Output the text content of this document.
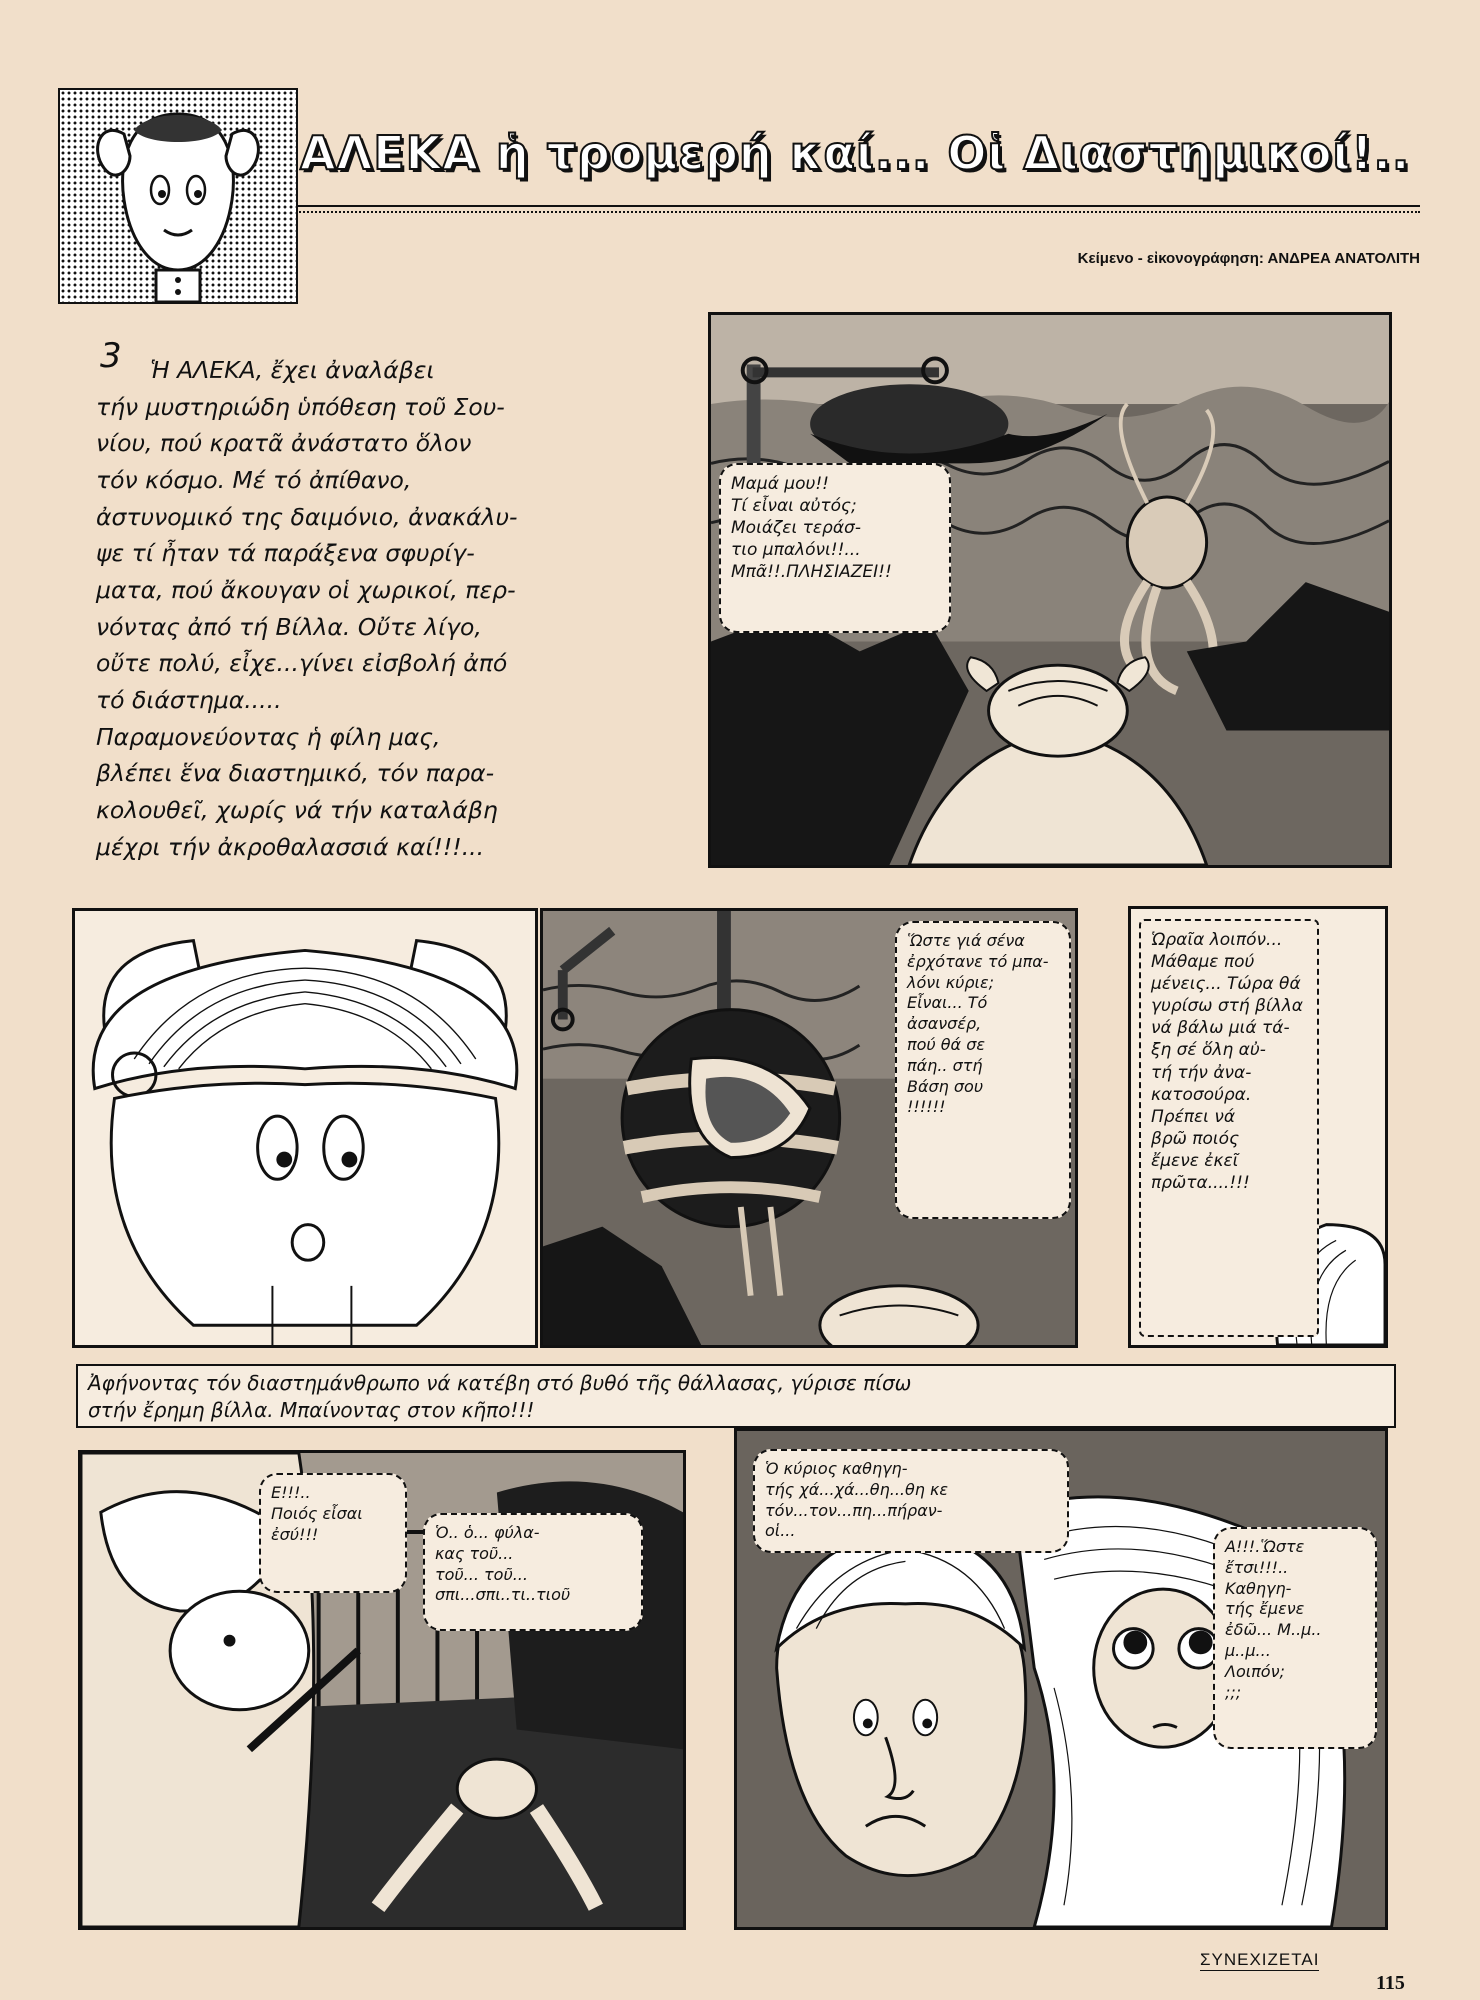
ΑΛΕΚΑ ἡ τρομερή καί... Οἱ Διαστημικοί!..
Κείμενο - εἰκονογράφηση: ΑΝΔΡΕΑ ΑΝΑΤΟΛΙΤΗ
3	Ἡ ΑΛΕΚΑ, ἔχει ἀναλάβει
τήν μυστηριώδη ὑπόθεση τοῦ Σου-
νίου, πού κρατᾶ ἀνάστατο ὅλον
τόν κόσμο. Μέ τό ἀπίθανο,
ἀστυνομικό της δαιμόνιο, ἀνακάλυ-
ψε τί ἦταν τά παράξενα σφυρίγ-
ματα, πού ἄκουγαν οἱ χωρικοί, περ-
νόντας ἀπό τή Βίλλα. Οὔτε λίγο,
οὔτε πολύ, εἶχε...γίνει εἰσβολή ἀπό
τό διάστημα.....
Παραμονεύοντας ἡ φίλη μας,
βλέπει ἕνα διαστημικό, τόν παρα-
κολουθεῖ, χωρίς νά τήν καταλάβη
μέχρι τήν ἀκροθαλασσιά καί!!!...
Μαμά μου!!
Τί εἶναι αὐτός;
Μοιάζει τεράσ-
τιο μπαλόνι!!...
Μπᾶ!!.ΠΛΗΣΙΑΖΕΙ!!
Ὥστε γιά σένα
ἐρχότανε τό μπα-
λόνι κύριε;
Εἶναι... Τό
ἀσανσέρ,
πού θά σε
πάη.. στή
Βάση σου
!!!!!!
Ὡραῖα λοιπόν...
Μάθαμε πού
μένεις... Τώρα θά
γυρίσω στή βίλλα
νά βάλω μιά τά-
ξη σέ ὅλη αὐ-
τή τήν ἀνα-
κατοσούρα.
Πρέπει νά
βρῶ ποιός
ἔμενε ἐκεῖ
πρῶτα....!!!
Ἀφήνοντας τόν διαστημάνθρωπο νά κατέβη στό βυθό τῆς θάλλασας, γύρισε πίσω
στήν ἔρημη βίλλα. Μπαίνοντας στον κῆπο!!!
Ε!!!..
Ποιός εἶσαι
ἐσύ!!!	Ὁ.. ὁ... φύλα-
κας τοῦ...
τοῦ... τοῦ...
σπι...σπι..τι..τιοῦ
Ὁ κύριος καθηγη-
τής χά...χά...θη...θη κε
τόν...τον...πη...πήραν-
οἱ...
Α!!!.Ὥστε
ἔτσι!!!..
Καθηγη-
τής ἔμενε
ἐδῶ... Μ..μ..
μ..μ...
Λοιπόν;
;;;
ΣΥΝΕΧΙΖΕΤΑΙ
115
